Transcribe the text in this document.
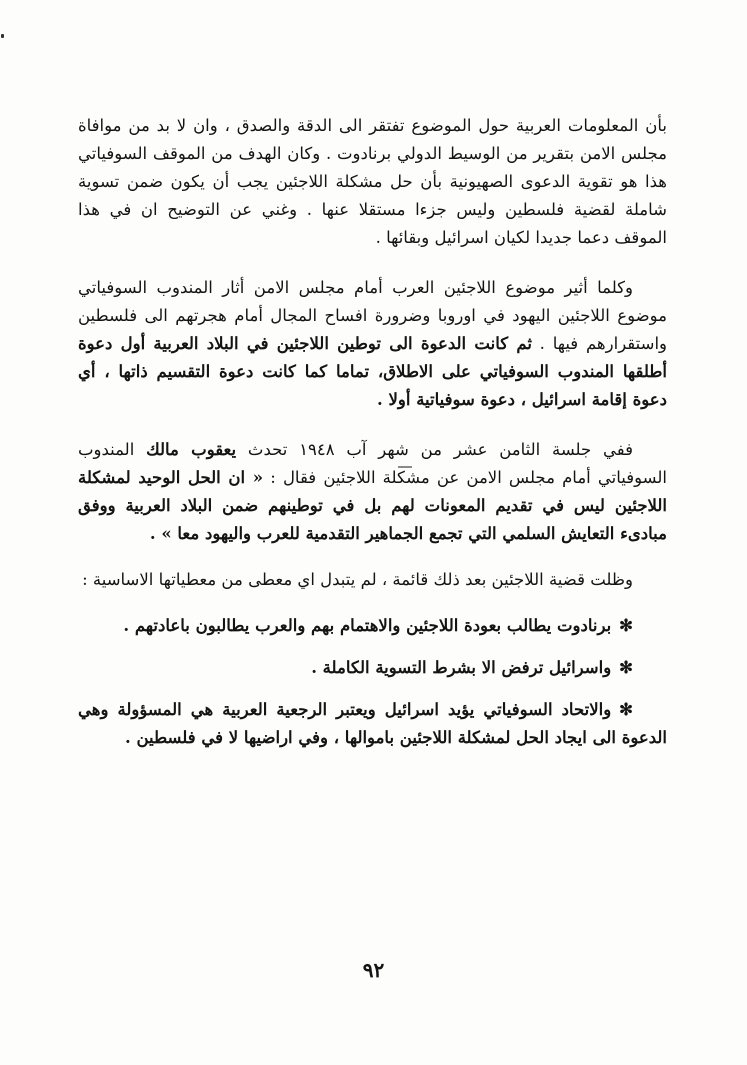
بأن المعلومات العربية حول الموضوع تفتقر الى الدقة والصدق ، وان لا بد من موافاة مجلس الامن بتقرير من الوسيط الدولي برنادوت . وكان الهدف من الموقف السوفياتي هذا هو تقوية الدعوى الصهيونية بأن حل مشكلة اللاجئين يجب أن يكون ضمن تسوية شاملة لقضية فلسطين وليس جزءا مستقلا عنها . وغني عن التوضيح ان في هذا الموقف دعما جديدا لكيان اسرائيل وبقائها .

وكلما أثير موضوع اللاجئين العرب أمام مجلس الامن أثار المندوب السوفياتي موضوع اللاجئين اليهود في اوروبا وضرورة افساح المجال أمام هجرتهم الى فلسطين واستقرارهم فيها . ثم كانت الدعوة الى توطين اللاجئين في البلاد العربية أول دعوة أطلقها المندوب السوفياتي على الاطلاق، تماما كما كانت دعوة التقسيم ذاتها ، أي دعوة إقامة اسرائيل ، دعوة سوفياتية أولا .

ففي جلسة الثامن عشر من شهر آب ١٩٤٨ تحدث يعقوب مالك المندوب السوفياتي أمام مجلس الامن عن مشكلة اللاجئين فقال : « ان الحل الوحيد لمشكلة اللاجئين ليس في تقديم المعونات لهم بل في توطينهم ضمن البلاد العربية ووفق مبادىء التعايش السلمي التي تجمع الجماهير التقدمية للعرب واليهود معا » .

وظلت قضية اللاجئين بعد ذلك قائمة ، لم يتبدل اي معطى من معطياتها الاساسية :

✻برنادوت يطالب بعودة اللاجئين والاهتمام بهم والعرب يطالبون باعادتهم .

✻واسرائيل ترفض الا بشرط التسوية الكاملة .

✻والاتحاد السوفياتي يؤيد اسرائيل ويعتبر الرجعية العربية هي المسؤولة وهي الدعوة الى ايجاد الحل لمشكلة اللاجئين باموالها ، وفي اراضيها لا في فلسطين .

٩٢
